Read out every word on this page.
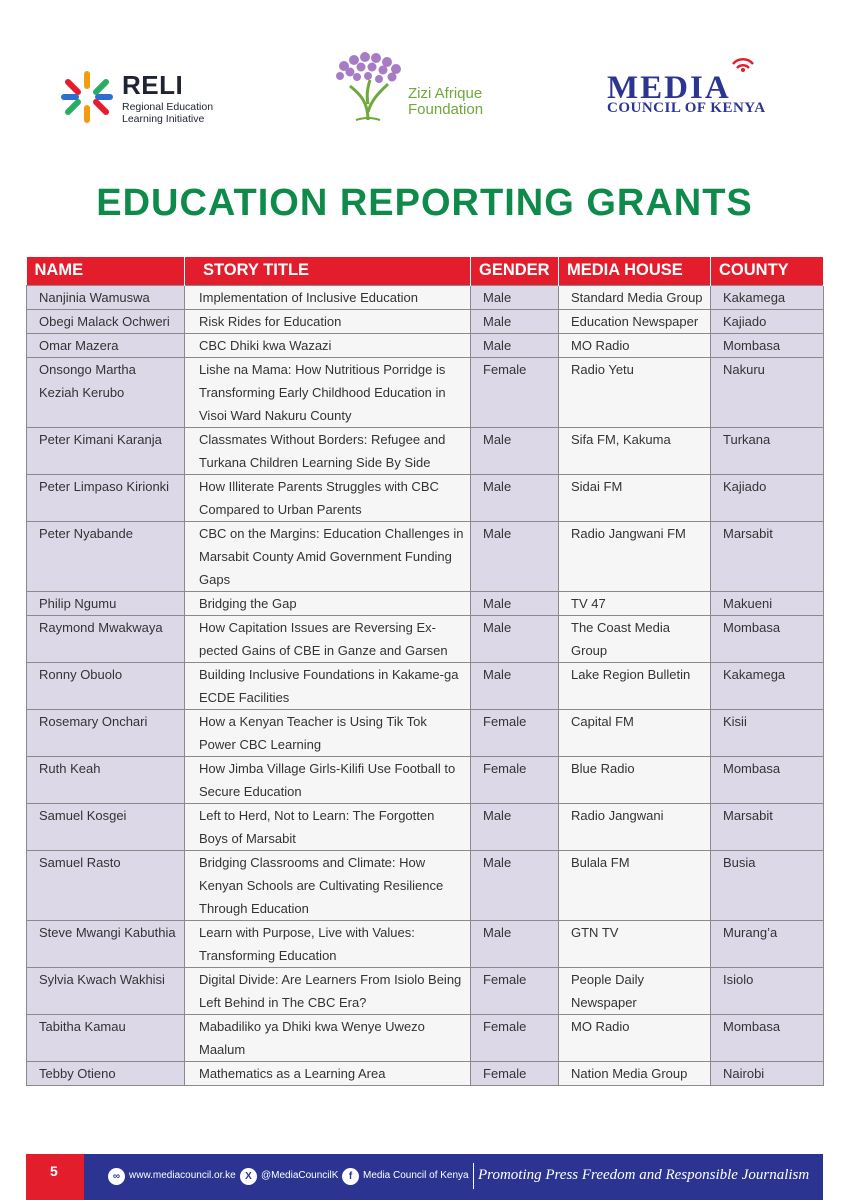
RELI
Regional Education Learning Initiative
Zizi Afrique
Foundation
MEDIA
COUNCIL OF KENYA
EDUCATION REPORTING GRANTS
NAME	STORY TITLE	GENDER	MEDIA HOUSE	COUNTY
Nanjinia Wamuswa	Implementation of Inclusive Education	Male	Standard Media Group	Kakamega
Obegi Malack Ochweri	Risk Rides for Education	Male	Education Newspaper	Kajiado
Omar Mazera	CBC Dhiki kwa Wazazi	Male	MO Radio	Mombasa
Onsongo Martha Keziah Kerubo	Lishe na Mama: How Nutritious Porridge is Transforming Early Childhood Education in Visoi Ward Nakuru County	Female	Radio Yetu	Nakuru
Peter Kimani Karanja	Classmates Without Borders: Refugee and Turkana Children Learning Side By Side	Male	Sifa FM, Kakuma	Turkana
Peter Limpaso Kirionki	How Illiterate Parents Struggles with CBC Compared to Urban Parents	Male	Sidai FM	Kajiado
Peter Nyabande	CBC on the Margins: Education Challenges in Marsabit County Amid Government Funding Gaps	Male	Radio Jangwani FM	Marsabit
Philip Ngumu	Bridging the Gap	Male	TV 47	Makueni
Raymond Mwakwaya	How Capitation Issues are Reversing Ex-pected Gains of CBE in Ganze and Garsen	Male	The Coast Media Group	Mombasa
Ronny Obuolo	Building Inclusive Foundations in Kakame-ga ECDE Facilities	Male	Lake Region Bulletin	Kakamega
Rosemary Onchari	How a Kenyan Teacher is Using Tik Tok Power CBC Learning	Female	Capital FM	Kisii
Ruth Keah	How Jimba Village Girls-Kilifi Use Football to Secure Education	Female	Blue Radio	Mombasa
Samuel Kosgei	Left to Herd, Not to Learn: The Forgotten Boys of Marsabit	Male	Radio Jangwani	Marsabit
Samuel Rasto	Bridging Classrooms and Climate: How Kenyan Schools are Cultivating Resilience Through Education	Male	Bulala FM	Busia
Steve Mwangi Kabuthia	Learn with Purpose, Live with Values: Transforming Education	Male	GTN TV	Murang’a
Sylvia Kwach Wakhisi	Digital Divide: Are Learners From Isiolo Being Left Behind in The CBC Era?	Female	People Daily Newspaper	Isiolo
Tabitha Kamau	Mabadiliko ya Dhiki kwa Wenye Uwezo Maalum	Female	MO Radio	Mombasa
Tebby Otieno	Mathematics as a Learning Area	Female	Nation Media Group	Nairobi
5	∞ www.mediacouncil.or.ke X @MediaCouncilK	f	Media Council of Kenya Promoting Press Freedom and Responsible Journalism
